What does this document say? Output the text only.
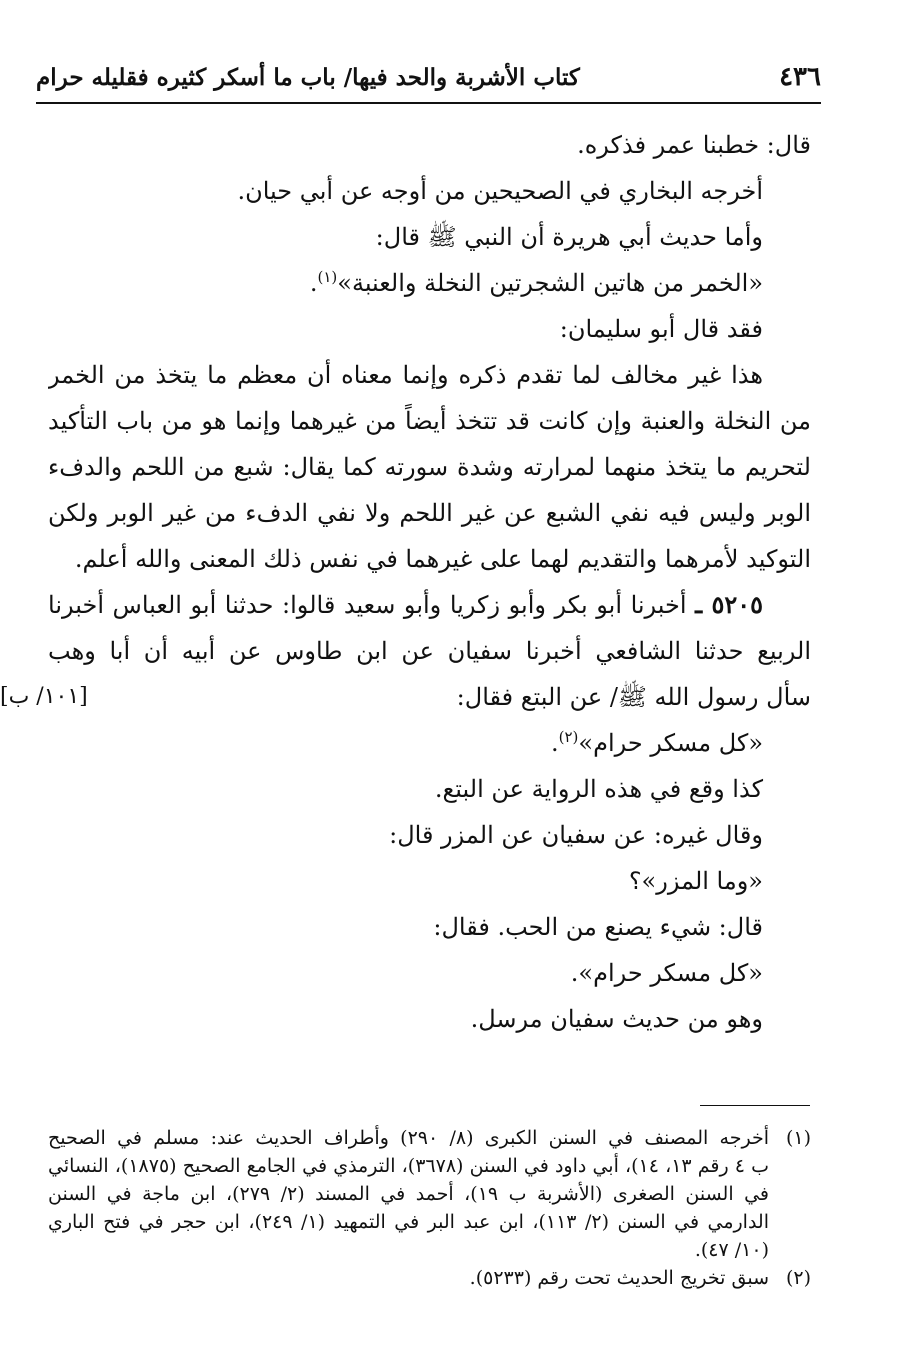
٤٣٦
كتاب الأشربة والحد فيها/ باب ما أسكر كثيره فقليله حرام
قال: خطبنا عمر فذكره.
أخرجه البخاري في الصحيحين من أوجه عن أبي حيان.
وأما حديث أبي هريرة أن النبي ﷺ قال:
«الخمر من هاتين الشجرتين النخلة والعنبة»$^{(١)}$.
فقد قال أبو سليمان:
هذا غير مخالف لما تقدم ذكره وإنما معناه أن معظم ما يتخذ من الخمر
من النخلة والعنبة وإن كانت قد تتخذ أيضاً من غيرهما وإنما هو من باب التأكيد
لتحريم ما يتخذ منهما لمرارته وشدة سورته كما يقال: شبع من اللحم والدفء
الوبر وليس فيه نفي الشبع عن غير اللحم ولا نفي الدفء من غير الوبر ولكن
التوكيد لأمرهما والتقديم لهما على غيرهما في نفس ذلك المعنى والله أعلم.
٥٢٠٥ ـ أخبرنا أبو بكر وأبو زكريا وأبو سعيد قالوا: حدثنا أبو العباس أخبرنا
الربيع حدثنا الشافعي أخبرنا سفيان عن ابن طاوس عن أبيه أن أبا وهب
سأل رسول الله ﷺ/ عن البتع فقال:
[١٠١/ ب]
«كل مسكر حرام»$^{(٢)}$.
كذا وقع في هذه الرواية عن البتع.
وقال غيره: عن سفيان عن المزر قال:
«وما المزر»؟
قال: شيء يصنع من الحب. فقال:
«كل مسكر حرام».
وهو من حديث سفيان مرسل.
(١)أخرجه المصنف في السنن الكبرى (٨/ ٢٩٠) وأطراف الحديث عند: مسلم في الصحيح
ب ٤ رقم ١٣، ١٤)، أبي داود في السنن (٣٦٧٨)، الترمذي في الجامع الصحيح (١٨٧٥)، النسائي
في السنن الصغرى (الأشربة ب ١٩)، أحمد في المسند (٢/ ٢٧٩)، ابن ماجة في السنن
الدارمي في السنن (٢/ ١١٣)، ابن عبد البر في التمهيد (١/ ٢٤٩)، ابن حجر في فتح الباري
(١٠/ ٤٧).
(٢)سبق تخريج الحديث تحت رقم (٥٢٣٣).
